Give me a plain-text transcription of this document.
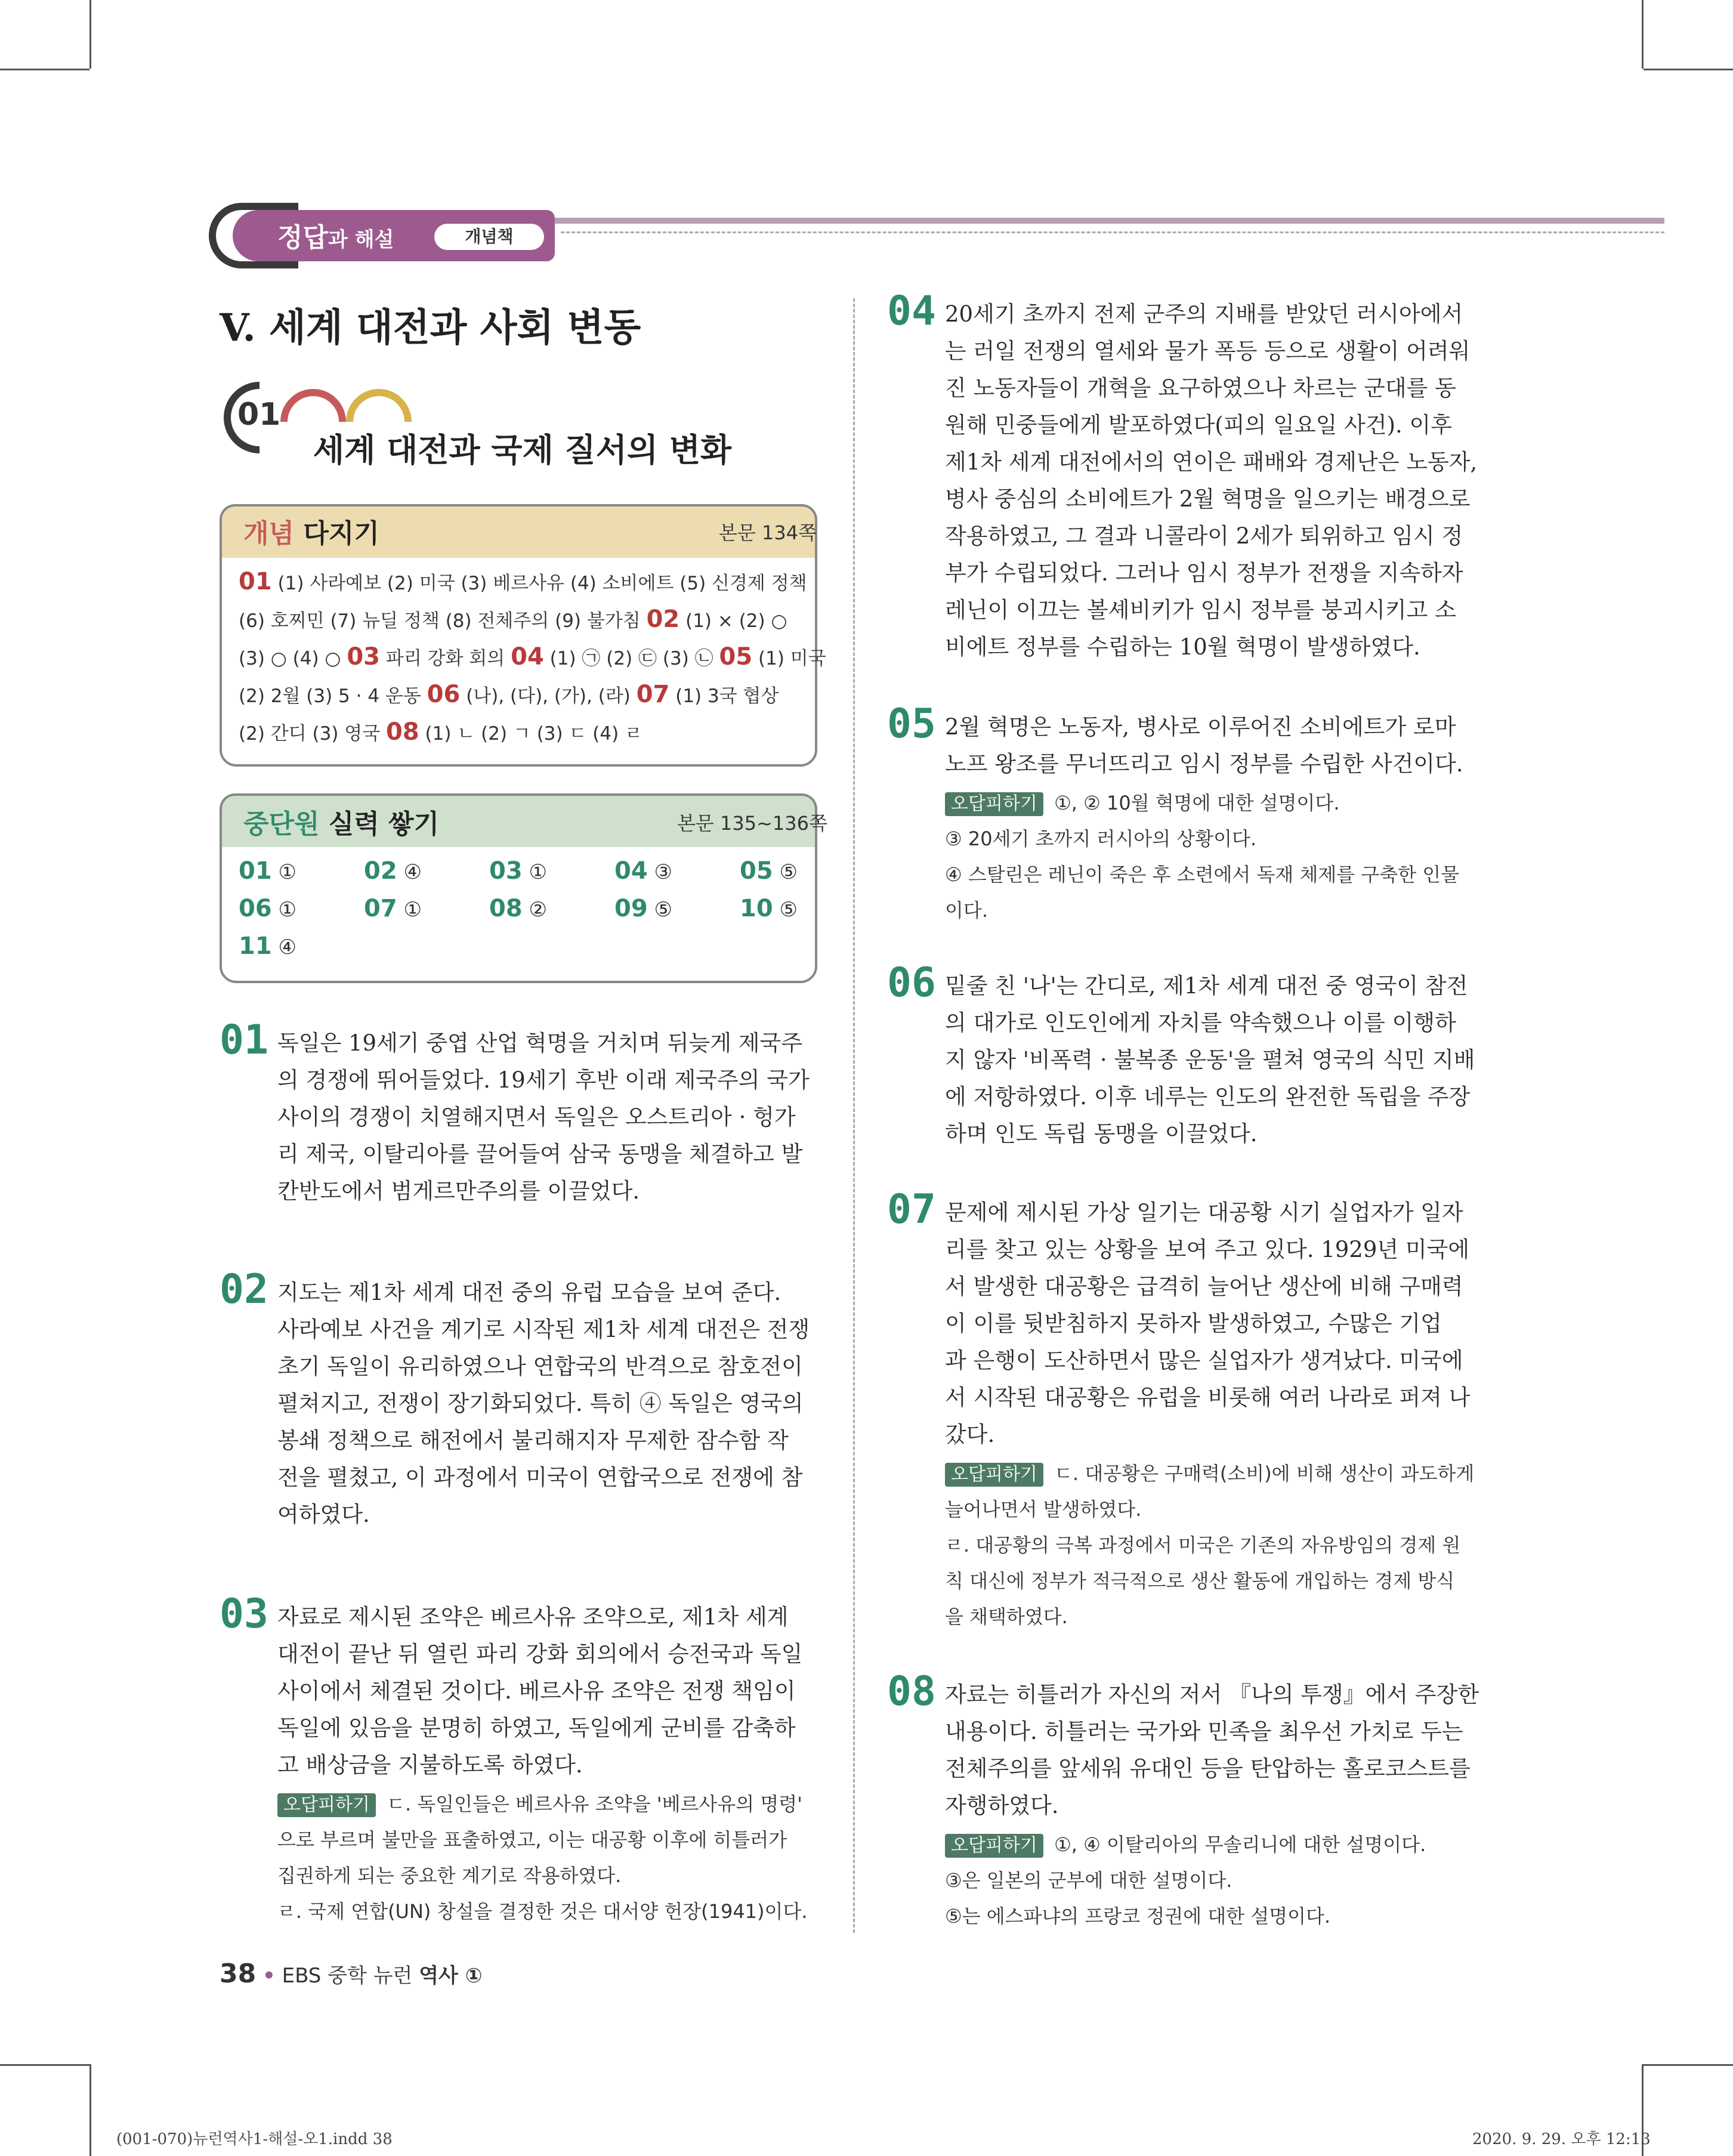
정답과 해설	개념책
V. 세계 대전과 사회 변동
01
세계 대전과 국제 질서의 변화
개념 다지기	본문 134쪽
01 (1) 사라예보 (2) 미국 (3) 베르사유 (4) 소비에트 (5) 신경제 정책
(6) 호찌민 (7) 뉴딜 정책 (8) 전체주의 (9) 불가침 02 (1) × (2) ○
(3) ○ (4) ○ 03 파리 강화 회의 04 (1) ㉠ (2) ㉢ (3) ㉡ 05 (1) 미국
(2) 2월 (3) 5 · 4 운동 06 (나), (다), (가), (라) 07 (1) 3국 협상
(2) 간디 (3) 영국 08 (1) ㄴ (2) ㄱ (3) ㄷ (4) ㄹ
중단원 실력 쌓기	본문 135~136쪽
01 ①	02 ④	03 ①	04 ③	05 ⑤
06 ①	07 ①	08 ②	09 ⑤	10 ⑤
11 ④
01 독일은 19세기 중엽 산업 혁명을 거치며 뒤늦게 제국주

의 경쟁에 뛰어들었다. 19세기 후반 이래 제국주의 국가

사이의 경쟁이 치열해지면서 독일은 오스트리아 · 헝가

리 제국, 이탈리아를 끌어들여 삼국 동맹을 체결하고 발

칸반도에서 범게르만주의를 이끌었다.

02 지도는 제1차 세계 대전 중의 유럽 모습을 보여 준다.

사라예보 사건을 계기로 시작된 제1차 세계 대전은 전쟁

초기 독일이 유리하였으나 연합국의 반격으로 참호전이

펼쳐지고, 전쟁이 장기화되었다. 특히 ④ 독일은 영국의

봉쇄 정책으로 해전에서 불리해지자 무제한 잠수함 작

전을 펼쳤고, 이 과정에서 미국이 연합국으로 전쟁에 참

여하였다.

03 자료로 제시된 조약은 베르사유 조약으로, 제1차 세계

대전이 끝난 뒤 열린 파리 강화 회의에서 승전국과 독일

사이에서 체결된 것이다. 베르사유 조약은 전쟁 책임이

독일에 있음을 분명히 하였고, 독일에게 군비를 감축하

고 배상금을 지불하도록 하였다.

오답피하기 ㄷ. 독일인들은 베르사유 조약을 '베르사유의 명령'

으로 부르며 불만을 표출하였고, 이는 대공황 이후에 히틀러가

집권하게 되는 중요한 계기로 작용하였다.

ㄹ. 국제 연합(UN) 창설을 결정한 것은 대서양 헌장(1941)이다.

04 20세기 초까지 전제 군주의 지배를 받았던 러시아에서

는 러일 전쟁의 열세와 물가 폭등 등으로 생활이 어려워

진 노동자들이 개혁을 요구하였으나 차르는 군대를 동

원해 민중들에게 발포하였다(피의 일요일 사건). 이후

제1차 세계 대전에서의 연이은 패배와 경제난은 노동자,

병사 중심의 소비에트가 2월 혁명을 일으키는 배경으로

작용하였고, 그 결과 니콜라이 2세가 퇴위하고 임시 정

부가 수립되었다. 그러나 임시 정부가 전쟁을 지속하자

레닌이 이끄는 볼셰비키가 임시 정부를 붕괴시키고 소

비에트 정부를 수립하는 10월 혁명이 발생하였다.

05 2월 혁명은 노동자, 병사로 이루어진 소비에트가 로마

노프 왕조를 무너뜨리고 임시 정부를 수립한 사건이다.

오답피하기 ①, ② 10월 혁명에 대한 설명이다.

③ 20세기 초까지 러시아의 상황이다.

④ 스탈린은 레닌이 죽은 후 소련에서 독재 체제를 구축한 인물

이다.

06 밑줄 친 '나'는 간디로, 제1차 세계 대전 중 영국이 참전

의 대가로 인도인에게 자치를 약속했으나 이를 이행하

지 않자 '비폭력 · 불복종 운동'을 펼쳐 영국의 식민 지배

에 저항하였다. 이후 네루는 인도의 완전한 독립을 주장

하며 인도 독립 동맹을 이끌었다.

07 문제에 제시된 가상 일기는 대공황 시기 실업자가 일자

리를 찾고 있는 상황을 보여 주고 있다. 1929년 미국에

서 발생한 대공황은 급격히 늘어난 생산에 비해 구매력

이 이를 뒷받침하지 못하자 발생하였고, 수많은 기업

과 은행이 도산하면서 많은 실업자가 생겨났다. 미국에

서 시작된 대공황은 유럽을 비롯해 여러 나라로 퍼져 나

갔다.

오답피하기 ㄷ. 대공황은 구매력(소비)에 비해 생산이 과도하게

늘어나면서 발생하였다.

ㄹ. 대공황의 극복 과정에서 미국은 기존의 자유방임의 경제 원

칙 대신에 정부가 적극적으로 생산 활동에 개입하는 경제 방식

을 채택하였다.

08 자료는 히틀러가 자신의 저서 『나의 투쟁』에서 주장한

내용이다. 히틀러는 국가와 민족을 최우선 가치로 두는

전체주의를 앞세워 유대인 등을 탄압하는 홀로코스트를

자행하였다.

오답피하기 ①, ④ 이탈리아의 무솔리니에 대한 설명이다.

③은 일본의 군부에 대한 설명이다.

⑤는 에스파냐의 프랑코 정권에 대한 설명이다.

38 • EBS 중학 뉴런 역사 ①
(001-070)뉴런역사1-해설-오1.indd 38	2020. 9. 29. 오후 12:13
